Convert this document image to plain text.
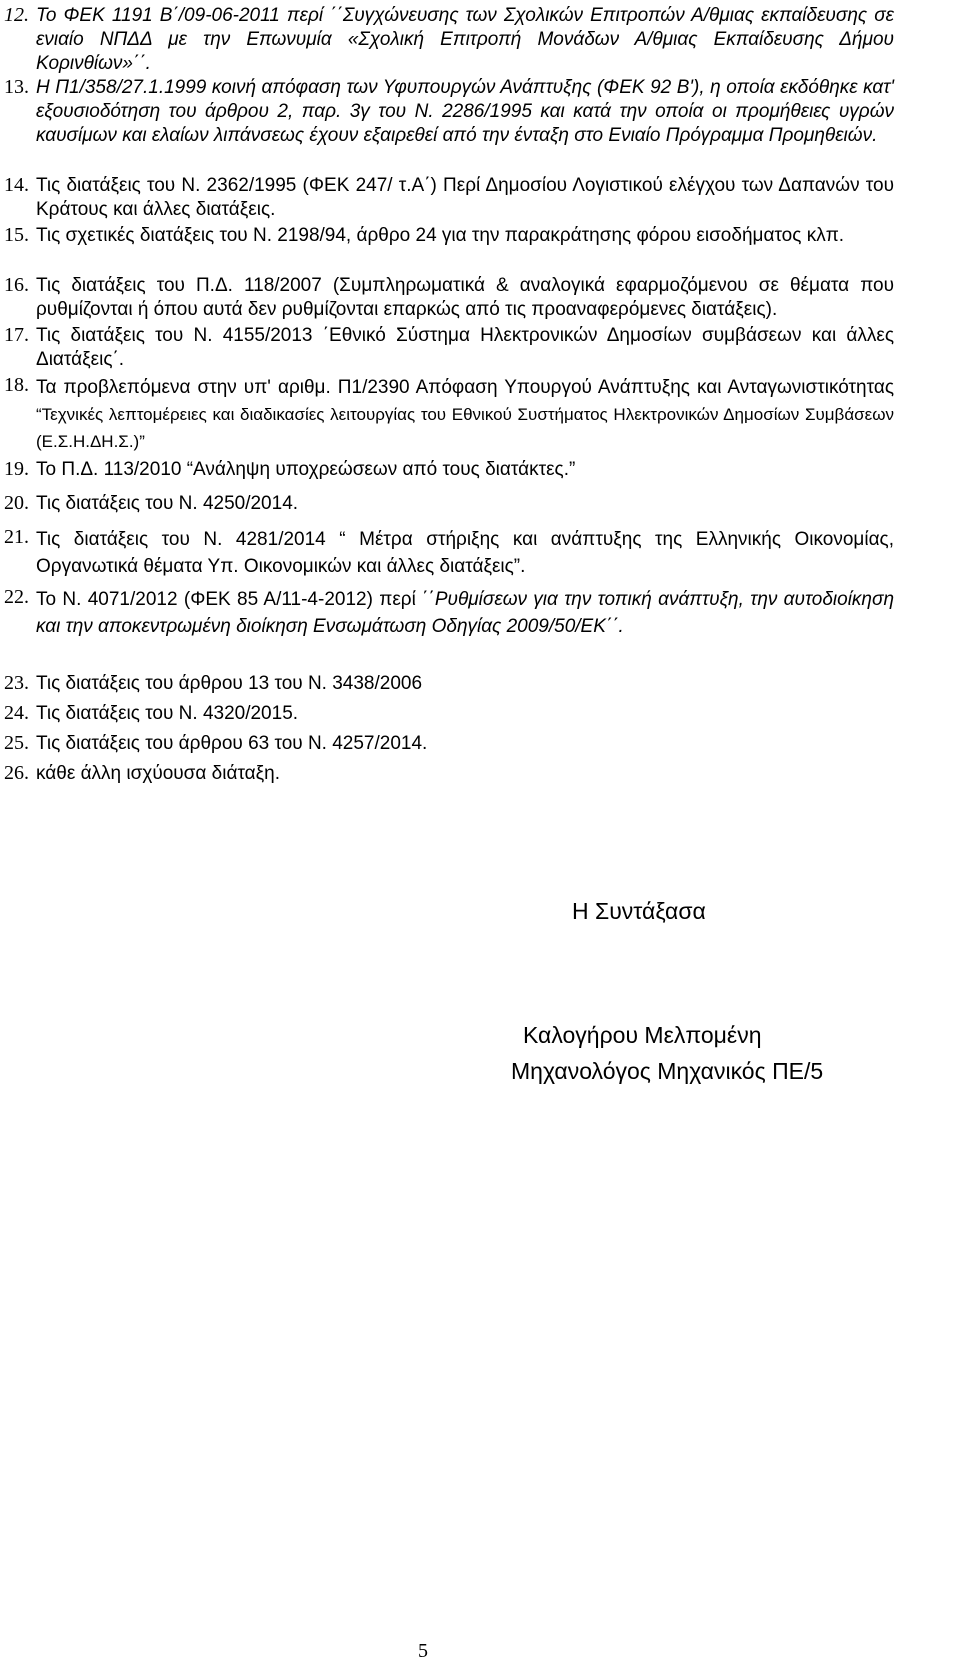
12. Το ΦΕΚ 1191 Β΄/09-06-2011 περί ΄΄Συγχώνευσης των Σχολικών Επιτροπών Α/θμιας εκπαίδευσης σε ενιαίο ΝΠΔΔ με την Επωνυμία «Σχολική Επιτροπή Μονάδων Α/θμιας Εκπαίδευσης Δήμου Κορινθίων»΄΄.
13. Η Π1/358/27.1.1999 κοινή απόφαση των Υφυπουργών Ανάπτυξης (ΦΕΚ 92 Β'), η οποία εκδόθηκε κατ' εξουσιοδότηση του άρθρου 2, παρ. 3γ του Ν. 2286/1995 και κατά την οποία οι προμήθειες υγρών καυσίμων και ελαίων λιπάνσεως έχουν εξαιρεθεί από την ένταξη στο Ενιαίο Πρόγραμμα Προμηθειών.
14. Τις διατάξεις του Ν. 2362/1995 (ΦΕΚ 247/ τ.Α΄) Περί Δημοσίου Λογιστικού ελέγχου των Δαπανών του Κράτους και άλλες διατάξεις.
15. Τις σχετικές διατάξεις του Ν. 2198/94, άρθρο 24 για την παρακράτησης φόρου εισοδήματος κλπ.
16. Τις διατάξεις του Π.Δ. 118/2007 (Συμπληρωματικά & αναλογικά εφαρμοζόμενου σε θέματα που ρυθμίζονται ή όπου αυτά δεν ρυθμίζονται επαρκώς από τις προαναφερόμενες διατάξεις).
17. Τις διατάξεις του Ν. 4155/2013 ΄Εθνικό Σύστημα Ηλεκτρονικών Δημοσίων συμβάσεων και άλλες Διατάξεις΄.
18. Τα προβλεπόμενα στην υπ' αριθμ. Π1/2390 Απόφαση Υπουργού Ανάπτυξης και Ανταγωνιστικότητας “Τεχνικές λεπτομέρειες και διαδικασίες λειτουργίας του Εθνικού Συστήματος Ηλεκτρονικών Δημοσίων Συμβάσεων (Ε.Σ.Η.ΔΗ.Σ.)”
19. Το Π.Δ. 113/2010 “Ανάληψη υποχρεώσεων από τους διατάκτες.”
20. Τις διατάξεις του Ν. 4250/2014.
21. Τις διατάξεις του Ν. 4281/2014 “ Μέτρα στήριξης και ανάπτυξης της Ελληνικής Οικονομίας, Οργανωτικά θέματα Υπ. Οικονομικών και άλλες διατάξεις”.
22. Το Ν. 4071/2012 (ΦΕΚ 85 Α/11-4-2012) περί ΄΄Ρυθμίσεων για την τοπική ανάπτυξη, την αυτοδιοίκηση και την αποκεντρωμένη διοίκηση Ενσωμάτωση Οδηγίας 2009/50/ΕΚ΄΄.
23. Τις διατάξεις του άρθρου 13 του Ν. 3438/2006
24. Τις διατάξεις του Ν. 4320/2015.
25. Τις διατάξεις του άρθρου 63 του Ν. 4257/2014.
26. κάθε άλλη ισχύουσα διάταξη.
Η Συντάξασα
Καλογήρου Μελπομένη
Μηχανολόγος Μηχανικός ΠΕ/5
5
